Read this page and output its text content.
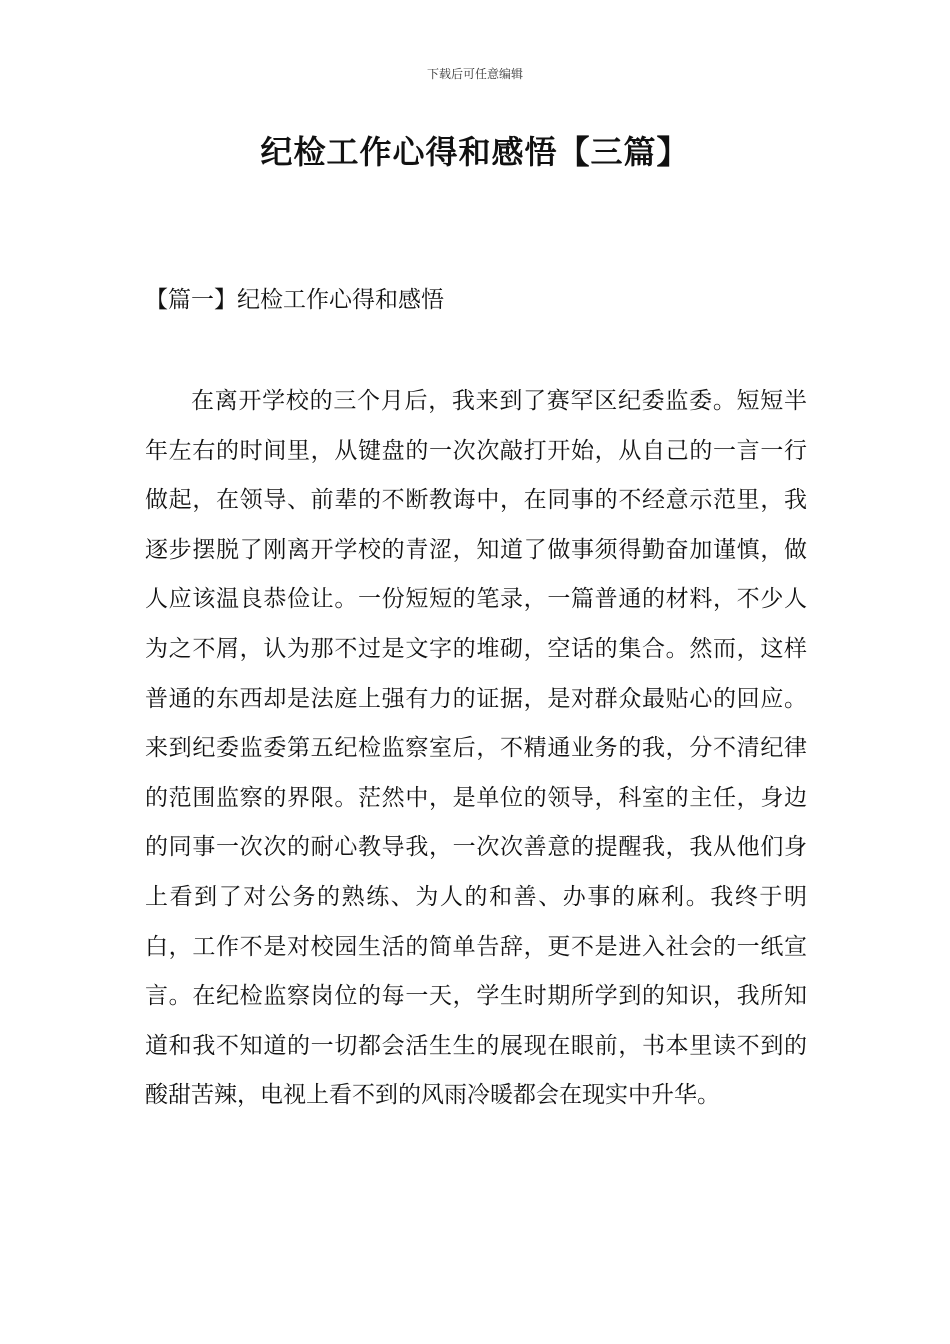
下载后可任意编辑
纪检工作心得和感悟【三篇】
【篇一】纪检工作心得和感悟

在离开学校的三个月后，我来到了赛罕区纪委监委。短短半年左右的时间里，从键盘的一次次敲打开始，从自己的一言一行做起，在领导、前辈的不断教诲中，在同事的不经意示范里，我逐步摆脱了刚离开学校的青涩，知道了做事须得勤奋加谨慎，做人应该温良恭俭让。一份短短的笔录，一篇普通的材料，不少人为之不屑，认为那不过是文字的堆砌，空话的集合。然而，这样普通的东西却是法庭上强有力的证据，是对群众最贴心的回应。来到纪委监委第五纪检监察室后，不精通业务的我，分不清纪律的范围监察的界限。茫然中，是单位的领导，科室的主任，身边的同事一次次的耐心教导我，一次次善意的提醒我，我从他们身上看到了对公务的熟练、为人的和善、办事的麻利。我终于明白，工作不是对校园生活的简单告辞，更不是进入社会的一纸宣言。在纪检监察岗位的每一天，学生时期所学到的知识，我所知道和我不知道的一切都会活生生的展现在眼前，书本里读不到的酸甜苦辣，电视上看不到的风雨冷暖都会在现实中升华。
